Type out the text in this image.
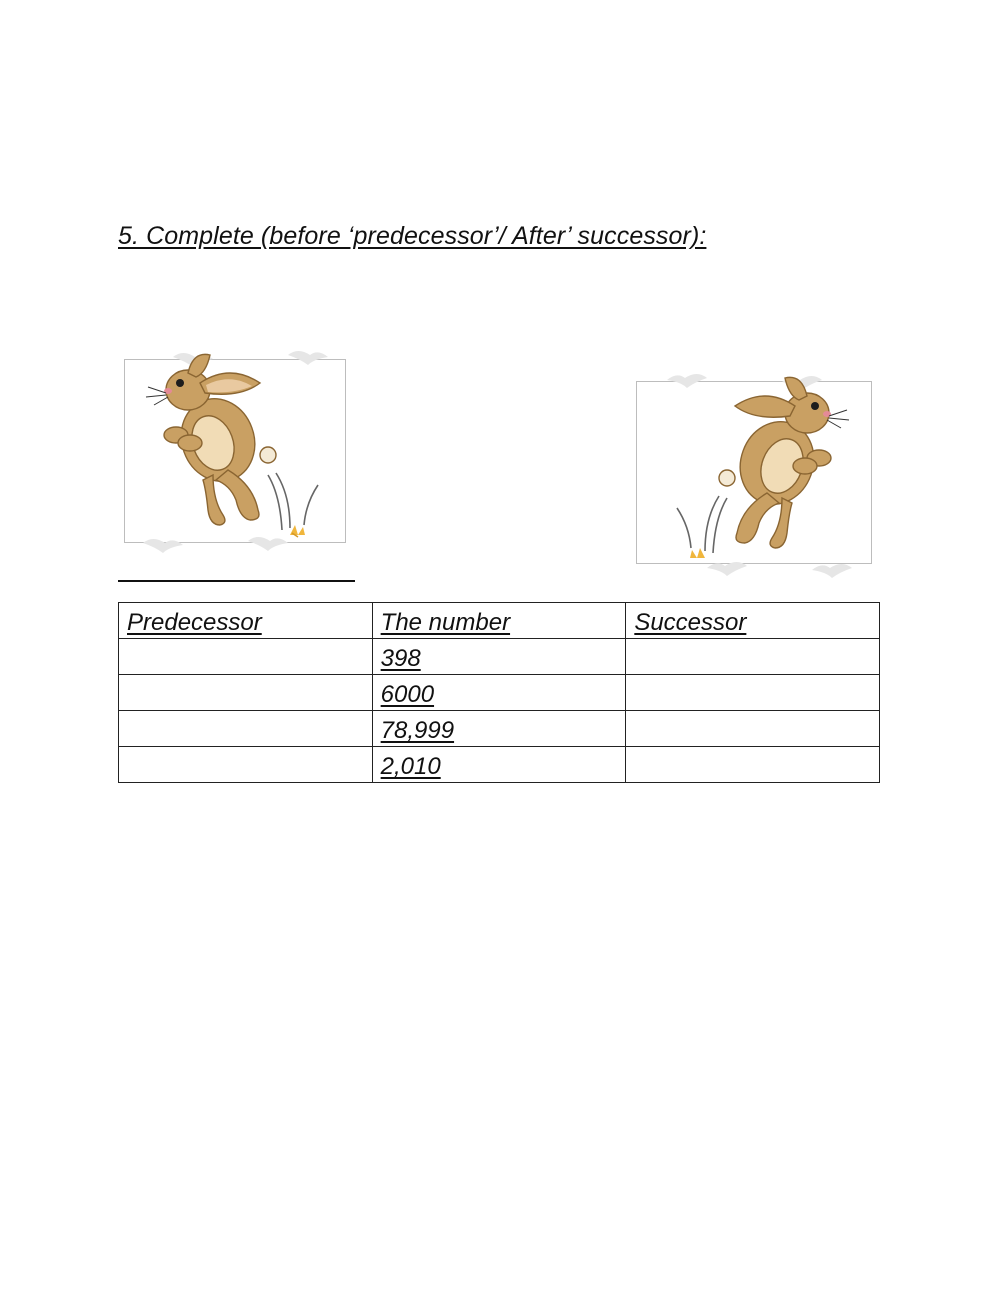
5. Complete (before ‘predecessor’/ After’ successor):
Predecessor	The number	Successor
	398	
	6000	
	78,999	
	2,010	
